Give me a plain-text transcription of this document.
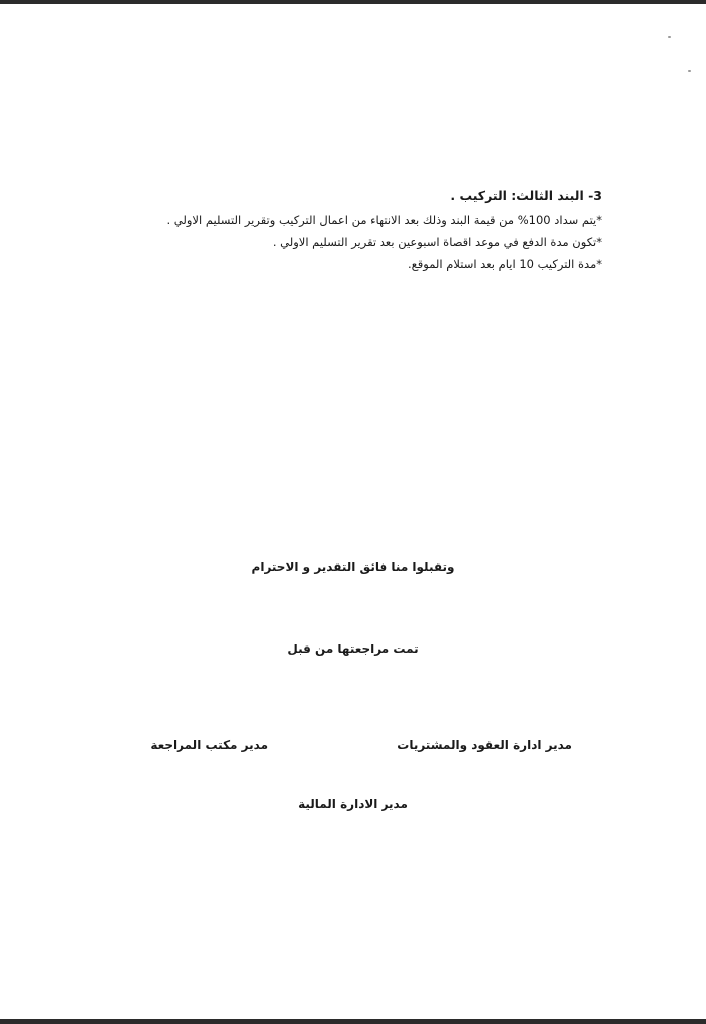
3- البند الثالث: التركيب .

*يتم سداد 100% من قيمة البند وذلك بعد الانتهاء من اعمال التركيب وتقرير التسليم الاولي .

*تكون مدة الدفع في موعد اقصاة اسبوعين بعد تقرير التسليم الاولي .

*مدة التركيب 10 ايام بعد استلام الموقع.

وتقبلوا منا فائق التقدير و الاحترام
تمت مراجعتها من قبل
مدير ادارة العقود والمشتريات
مدير مكتب المراجعة
مدير الادارة المالية
